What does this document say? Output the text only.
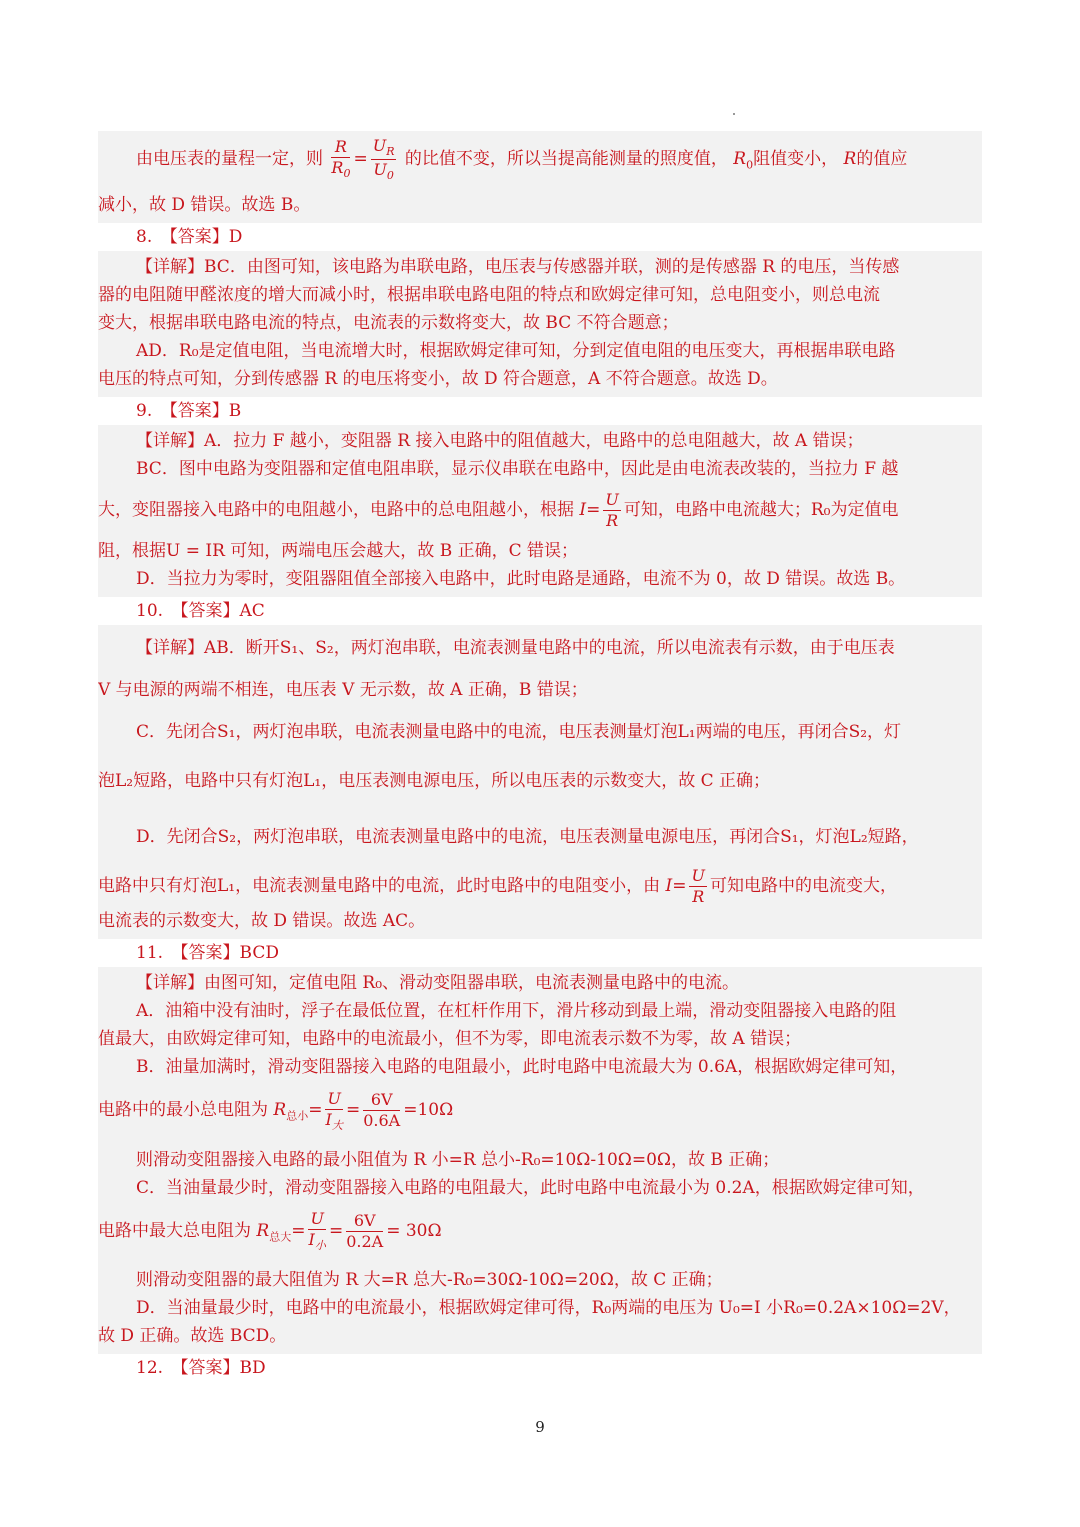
由电压表的量程一定，则 $\frac{R}{R_0} = \frac{U_R}{U_0}$ 的比值不变，所以当提高能测量的照度值， $R_0$阻值变小， R的值应
减小，故 D 错误。故选 B。
8.　【答案】D
【详解】BC．由图可知，该电路为串联电路，电压表与传感器并联，测的是传感器 R 的电压，当传感
器的电阻随甲醛浓度的增大而减小时，根据串联电路电阻的特点和欧姆定律可知，总电阻变小，则总电流
变大，根据串联电路电流的特点，电流表的示数将变大，故 BC 不符合题意；
AD．R₀是定值电阻，当电流增大时，根据欧姆定律可知，分到定值电阻的电压变大，再根据串联电路
电压的特点可知，分到传感器 R 的电压将变小，故 D 符合题意，A 不符合题意。故选 D。
9.　【答案】B
【详解】A．拉力 F 越小，变阻器 R 接入电路中的阻值越大，电路中的总电阻越大，故 A 错误；
BC．图中电路为变阻器和定值电阻串联，显示仪串联在电路中，因此是由电流表改装的，当拉力 F 越
大，变阻器接入电路中的电阻越小，电路中的总电阻越小，根据 $I= \frac{U}{R}$ 可知，电路中电流越大；R₀为定值电
阻，根据U = IR 可知，两端电压会越大，故 B 正确，C 错误；
D．当拉力为零时，变阻器阻值全部接入电路中，此时电路是通路，电流不为 0，故 D 错误。故选 B。
10.　【答案】AC
【详解】AB．断开S₁、S₂，两灯泡串联，电流表测量电路中的电流，所以电流表有示数，由于电压表
V 与电源的两端不相连，电压表 V 无示数，故 A 正确，B 错误；
C．先闭合S₁，两灯泡串联，电流表测量电路中的电流，电压表测量灯泡L₁两端的电压，再闭合S₂，灯
泡L₂短路，电路中只有灯泡L₁，电压表测电源电压，所以电压表的示数变大，故 C 正确；
D．先闭合S₂，两灯泡串联，电流表测量电路中的电流，电压表测量电源电压，再闭合S₁，灯泡L₂短路，
电路中只有灯泡L₁，电流表测量电路中的电流，此时电路中的电阻变小，由 $I= \frac{U}{R}$ 可知电路中的电流变大，
电流表的示数变大，故 D 错误。故选 AC。
11.　【答案】BCD
【详解】由图可知，定值电阻 R₀、滑动变阻器串联，电流表测量电路中的电流。
A．油箱中没有油时，浮子在最低位置，在杠杆作用下，滑片移动到最上端，滑动变阻器接入电路的阻
值最大，由欧姆定律可知，电路中的电流最小，但不为零，即电流表示数不为零，故 A 错误；
B．油量加满时，滑动变阻器接入电路的电阻最小，此时电路中电流最大为 0.6A，根据欧姆定律可知，
电路中的最小总电阻为 $R_{总小}= \frac{U}{I_大} = \frac{6V}{0.6A} =10\Omega$
则滑动变阻器接入电路的最小阻值为 R 小=R 总小-R₀=10Ω-10Ω=0Ω，故 B 正确；
C．当油量最少时，滑动变阻器接入电路的电阻最大，此时电路中电流最小为 0.2A，根据欧姆定律可知，
电路中最大总电阻为 $R_{总大}= \frac{U}{I_小} = \frac{6V}{0.2A} = 30\Omega$
则滑动变阻器的最大阻值为 R 大=R 总大-R₀=30Ω-10Ω=20Ω，故 C 正确；
D．当油量最少时，电路中的电流最小，根据欧姆定律可得，R₀两端的电压为 U₀=I 小R₀=0.2A×10Ω=2V，
故 D 正确。故选 BCD。
12.　【答案】BD
9
